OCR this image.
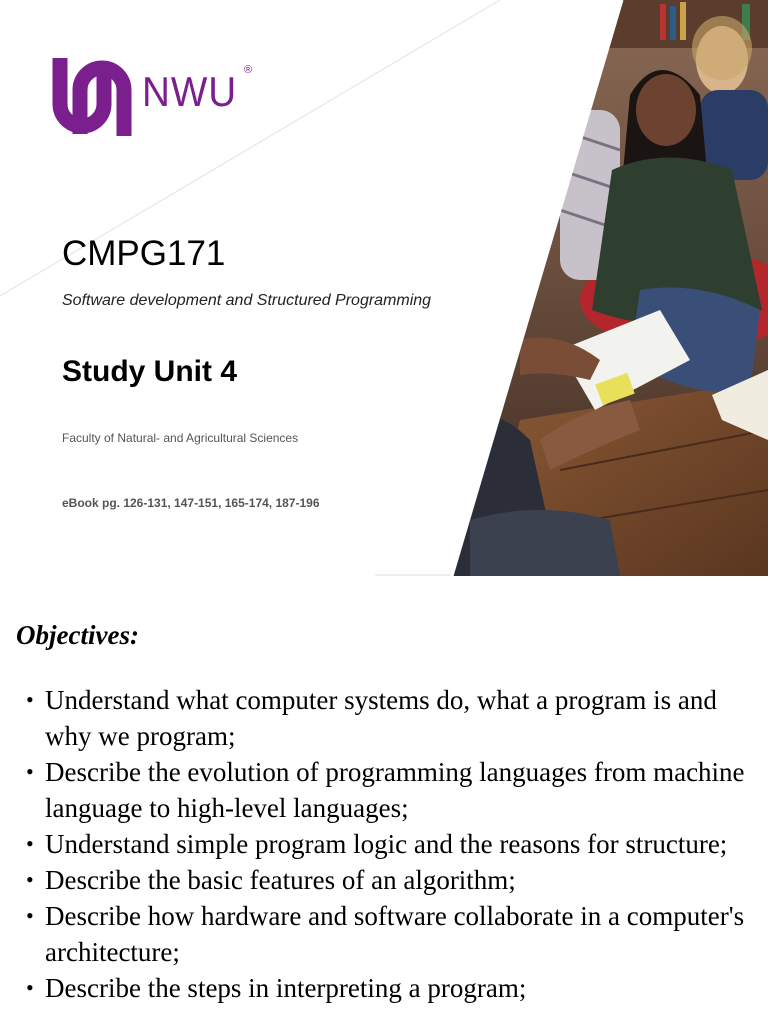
NWU ®
CMPG171

Software development and Structured Programming

Study Unit 4

Faculty of Natural- and Agricultural Sciences

eBook pg. 126-131, 147-151, 165-174, 187-196

Objectives:
• Understand what computer systems do, what a program is and why we program;
• Describe the evolution of programming languages from machine language to high-level languages;
• Understand simple program logic and the reasons for structure;
• Describe the basic features of an algorithm;
• Describe how hardware and software collaborate in a computer's architecture;
• Describe the steps in interpreting a program;
